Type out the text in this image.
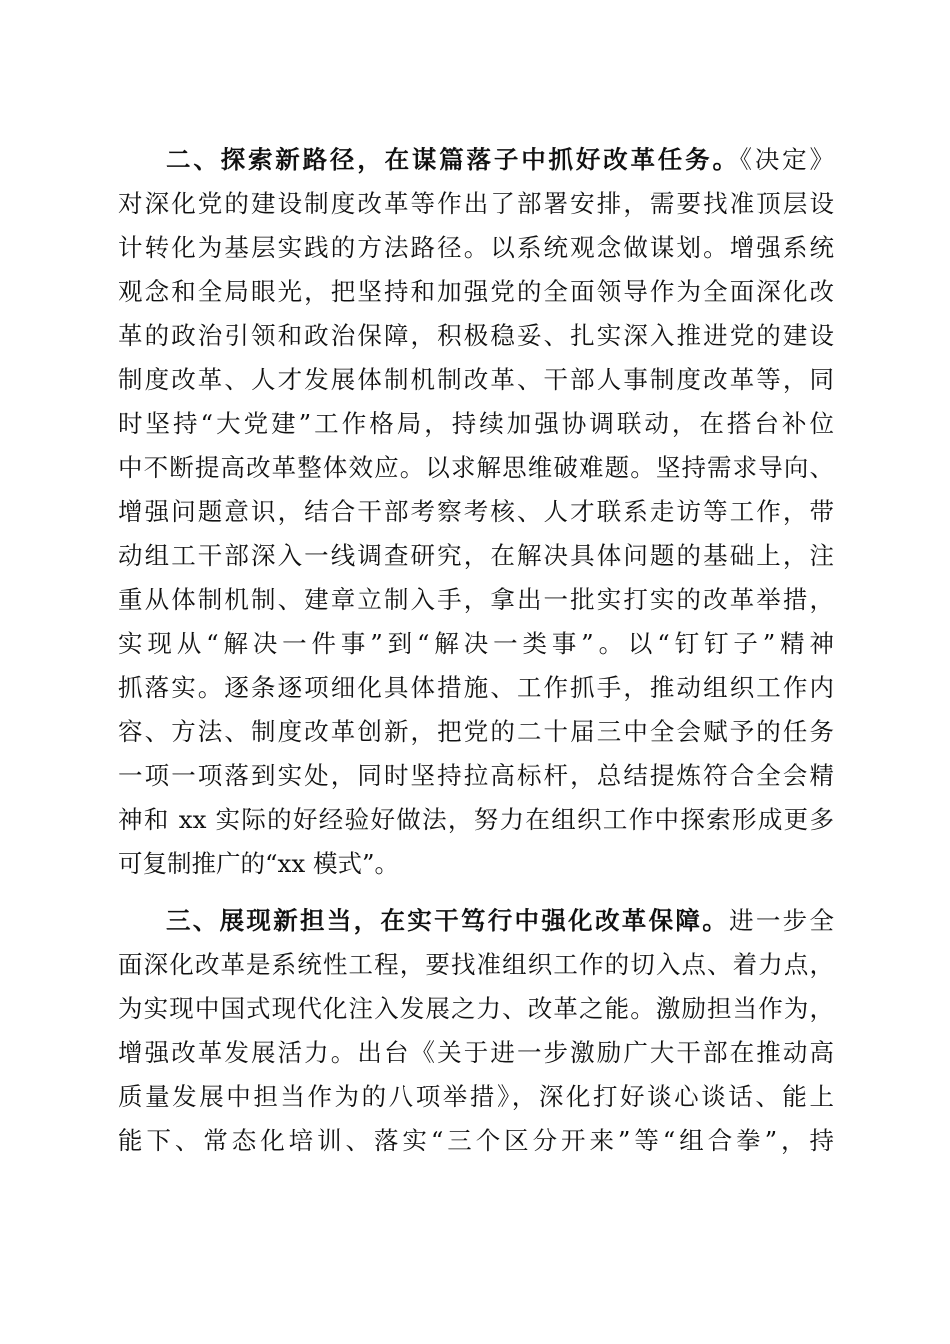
二、探索新路径，在谋篇落子中抓好改革任务。《决定》
对深化党的建设制度改革等作出了部署安排，需要找准顶层设
计转化为基层实践的方法路径。以系统观念做谋划。增强系统
观念和全局眼光，把坚持和加强党的全面领导作为全面深化改
革的政治引领和政治保障，积极稳妥、扎实深入推进党的建设
制度改革、人才发展体制机制改革、干部人事制度改革等，同
时坚持“大党建”工作格局，持续加强协调联动，在搭台补位
中不断提高改革整体效应。以求解思维破难题。坚持需求导向、
增强问题意识，结合干部考察考核、人才联系走访等工作，带
动组工干部深入一线调查研究，在解决具体问题的基础上，注
重从体制机制、建章立制入手，拿出一批实打实的改革举措，
实现从“解决一件事”到“解决一类事”。以“钉钉子”精神
抓落实。逐条逐项细化具体措施、工作抓手，推动组织工作内
容、方法、制度改革创新，把党的二十届三中全会赋予的任务
一项一项落到实处，同时坚持拉高标杆，总结提炼符合全会精
神和 xx 实际的好经验好做法，努力在组织工作中探索形成更多
可复制推广的“xx 模式”。
三、展现新担当，在实干笃行中强化改革保障。进一步全
面深化改革是系统性工程，要找准组织工作的切入点、着力点，
为实现中国式现代化注入发展之力、改革之能。激励担当作为，
增强改革发展活力。出台《关于进一步激励广大干部在推动高
质量发展中担当作为的八项举措》，深化打好谈心谈话、能上
能下、常态化培训、落实“三个区分开来”等“组合拳”，持
